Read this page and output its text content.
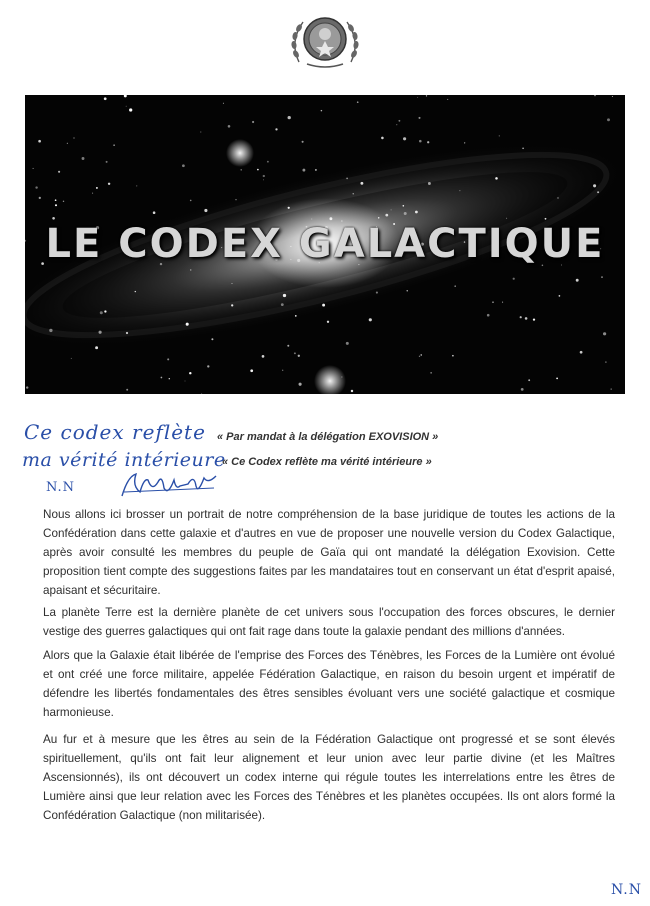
LE CODEX GALACTIQUE
Ce codex reflète
ma vérité intérieure
N.N
« Par mandat à la délégation EXOVISION »
« Ce Codex reflète ma vérité intérieure »

Nous allons ici brosser un portrait de notre compréhension de la base juridique de toutes les actions de la Confédération dans cette galaxie et d'autres en vue de proposer une nouvelle version du Codex Galactique, après avoir consulté les membres du peuple de Gaïa qui ont mandaté la délégation Exovision. Cette proposition tient compte des suggestions faites par les mandataires tout en conservant un état d'esprit apaisé, apaisant et sécuritaire.

La planète Terre est la dernière planète de cet univers sous l'occupation des forces obscures, le dernier vestige des guerres galactiques qui ont fait rage dans toute la galaxie pendant des millions d'années.

Alors que la Galaxie était libérée de l'emprise des Forces des Ténèbres, les Forces de la Lumière ont évolué et ont créé une force militaire, appelée Fédération Galactique, en raison du besoin urgent et impératif de défendre les libertés fondamentales des êtres sensibles évoluant vers une société galactique et cosmique harmonieuse.

Au fur et à mesure que les êtres au sein de la Fédération Galactique ont progressé et se sont élevés spirituellement, qu'ils ont fait leur alignement et leur union avec leur partie divine (et les Maîtres Ascensionnés), ils ont découvert un codex interne qui régule toutes les interrelations entre les êtres de Lumière ainsi que leur relation avec les Forces des Ténèbres et les planètes occupées. Ils ont alors formé la Confédération Galactique (non militarisée).

N.N
